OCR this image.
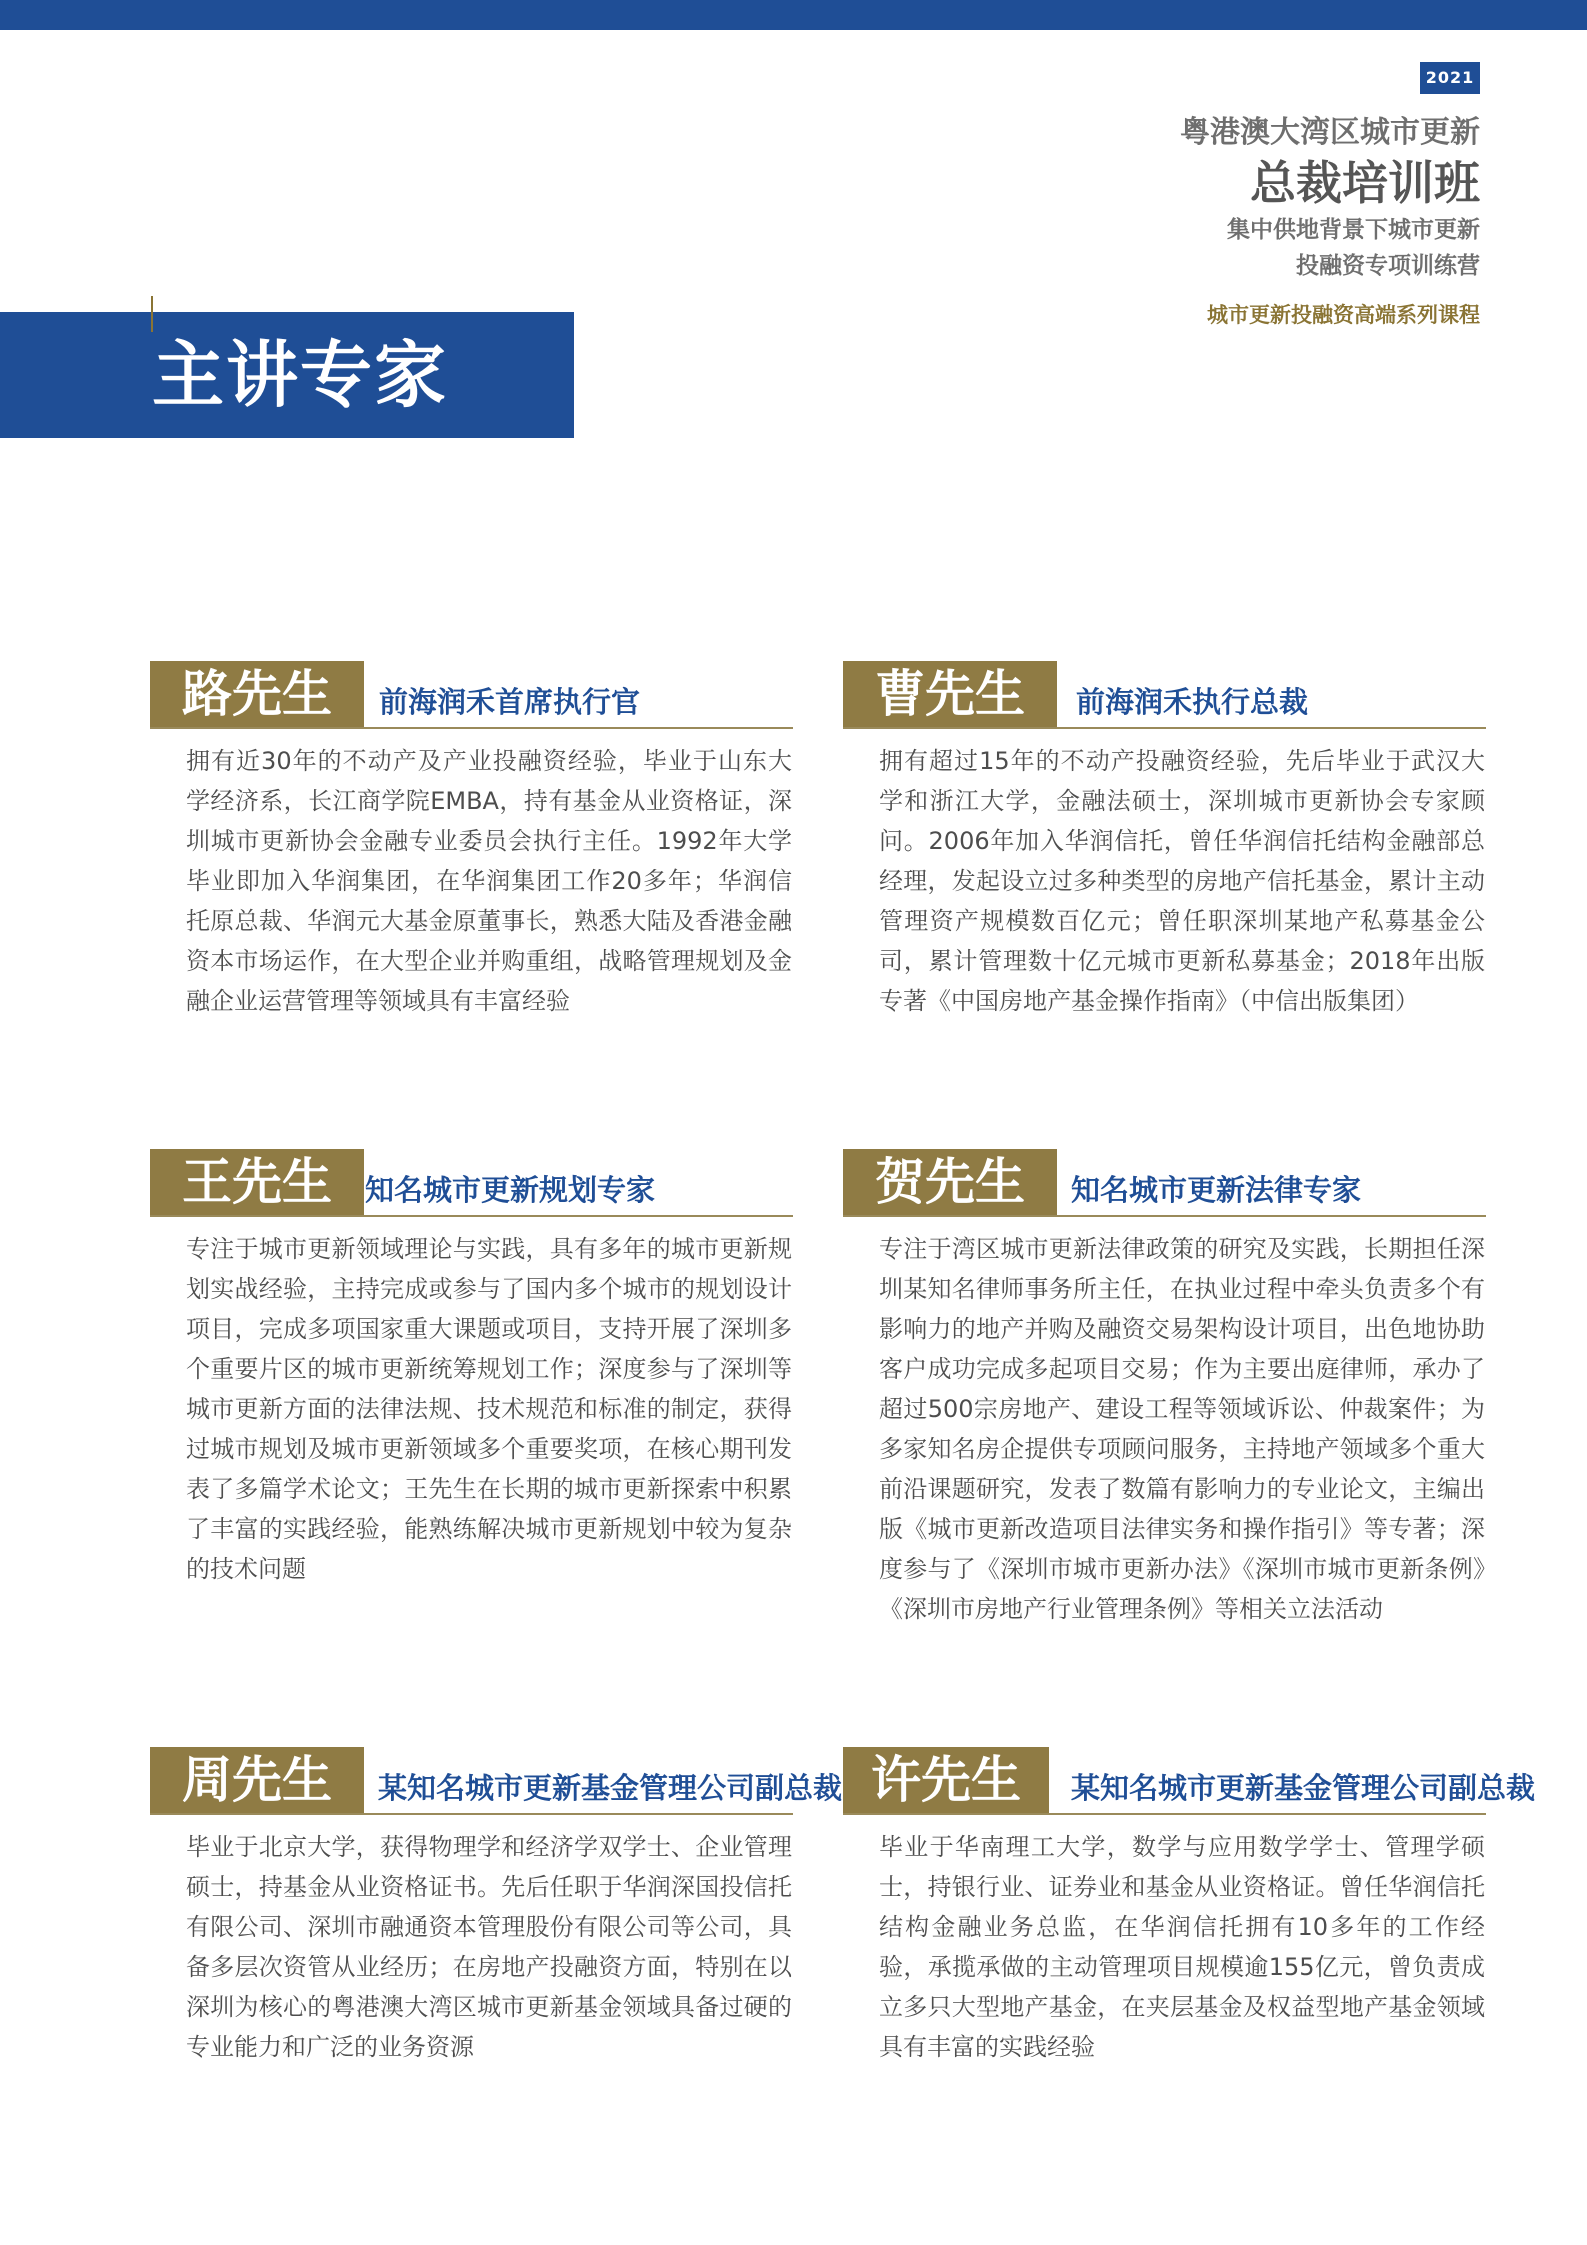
2021
粤港澳大湾区城市更新
总裁培训班
集中供地背景下城市更新
投融资专项训练营
城市更新投融资高端系列课程
主讲专家
路先生	前海润禾首席执行官
拥有近30年的不动产及产业投融资经验，毕业于山东大学经济系，长江商学院EMBA，持有基金从业资格证，深圳城市更新协会金融专业委员会执行主任。1992年大学毕业即加入华润集团，在华润集团工作20多年；华润信托原总裁、华润元大基金原董事长，熟悉大陆及香港金融资本市场运作，在大型企业并购重组，战略管理规划及金融企业运营管理等领域具有丰富经验
曹先生	前海润禾执行总裁
拥有超过15年的不动产投融资经验，先后毕业于武汉大学和浙江大学，金融法硕士，深圳城市更新协会专家顾问。2006年加入华润信托，曾任华润信托结构金融部总经理，发起设立过多种类型的房地产信托基金，累计主动管理资产规模数百亿元；曾任职深圳某地产私募基金公司，累计管理数十亿元城市更新私募基金；2018年出版专著《中国房地产基金操作指南》（中信出版集团）
王先生	知名城市更新规划专家
专注于城市更新领域理论与实践，具有多年的城市更新规划实战经验，主持完成或参与了国内多个城市的规划设计项目，完成多项国家重大课题或项目，支持开展了深圳多个重要片区的城市更新统筹规划工作；深度参与了深圳等城市更新方面的法律法规、技术规范和标准的制定，获得过城市规划及城市更新领域多个重要奖项，在核心期刊发表了多篇学术论文；王先生在长期的城市更新探索中积累了丰富的实践经验，能熟练解决城市更新规划中较为复杂的技术问题
贺先生	知名城市更新法律专家
专注于湾区城市更新法律政策的研究及实践，长期担任深圳某知名律师事务所主任，在执业过程中牵头负责多个有影响力的地产并购及融资交易架构设计项目，出色地协助客户成功完成多起项目交易；作为主要出庭律师，承办了超过500宗房地产、建设工程等领域诉讼、仲裁案件；为多家知名房企提供专项顾问服务，主持地产领域多个重大前沿课题研究，发表了数篇有影响力的专业论文，主编出版《城市更新改造项目法律实务和操作指引》等专著；深度参与了《深圳市城市更新办法》《深圳市城市更新条例》《深圳市房地产行业管理条例》等相关立法活动
周先生	某知名城市更新基金管理公司副总裁
毕业于北京大学，获得物理学和经济学双学士、企业管理硕士，持基金从业资格证书。先后任职于华润深国投信托有限公司、深圳市融通资本管理股份有限公司等公司，具备多层次资管从业经历；在房地产投融资方面，特别在以深圳为核心的粤港澳大湾区城市更新基金领域具备过硬的专业能力和广泛的业务资源
许先生	某知名城市更新基金管理公司副总裁
毕业于华南理工大学，数学与应用数学学士、管理学硕士，持银行业、证券业和基金从业资格证。曾任华润信托结构金融业务总监，在华润信托拥有10多年的工作经验，承揽承做的主动管理项目规模逾155亿元，曾负责成立多只大型地产基金，在夹层基金及权益型地产基金领域具有丰富的实践经验
